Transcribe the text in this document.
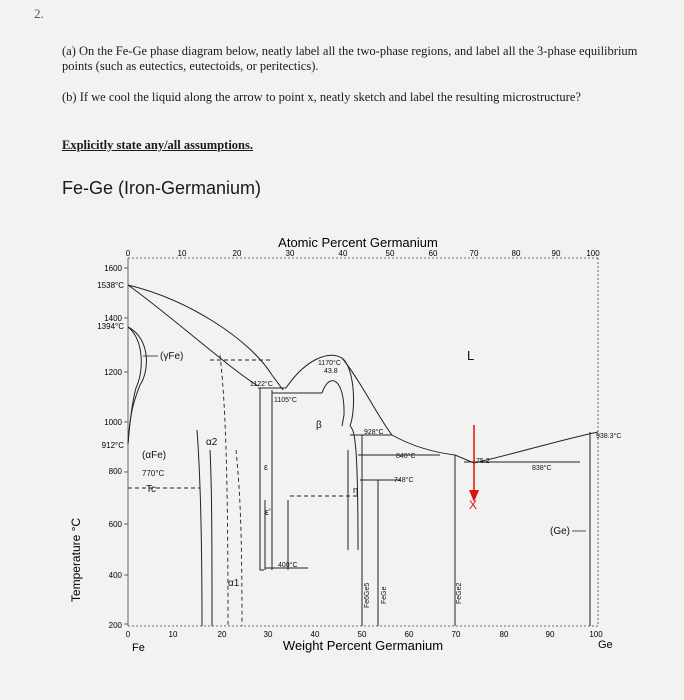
2.
(a) On the Fe-Ge phase diagram below, neatly label all the two-phase regions, and label all the 3-phase equilibrium points (such as eutectics, eutectoids, or peritectics).
(b) If we cool the liquid along the arrow to point x, neatly sketch and label the resulting microstructure?
Explicitly state any/all assumptions.
Fe-Ge (Iron-Germanium)
Atomic Percent Germanium
Weight Percent Germanium
Temperature °C
Fe	Ge
0	10	20	30	40	50	60	70	80	90	100
0	10	20	30	40	50	60	70	80	90	100
1600
1538°C
1400
1394°C
1200
1000
912°C
800
600
400
200
(γFe)
(αFe)
770°C
Tc
α2
α1
ε
ε'
β
η
L
(Ge)
X
1122°C
1105°C
1170°C
43.8
928°C
840°C
748°C
400°C
838°C
938.3°C
75.2
Fe6Ge5 FeGe	FeGe2
